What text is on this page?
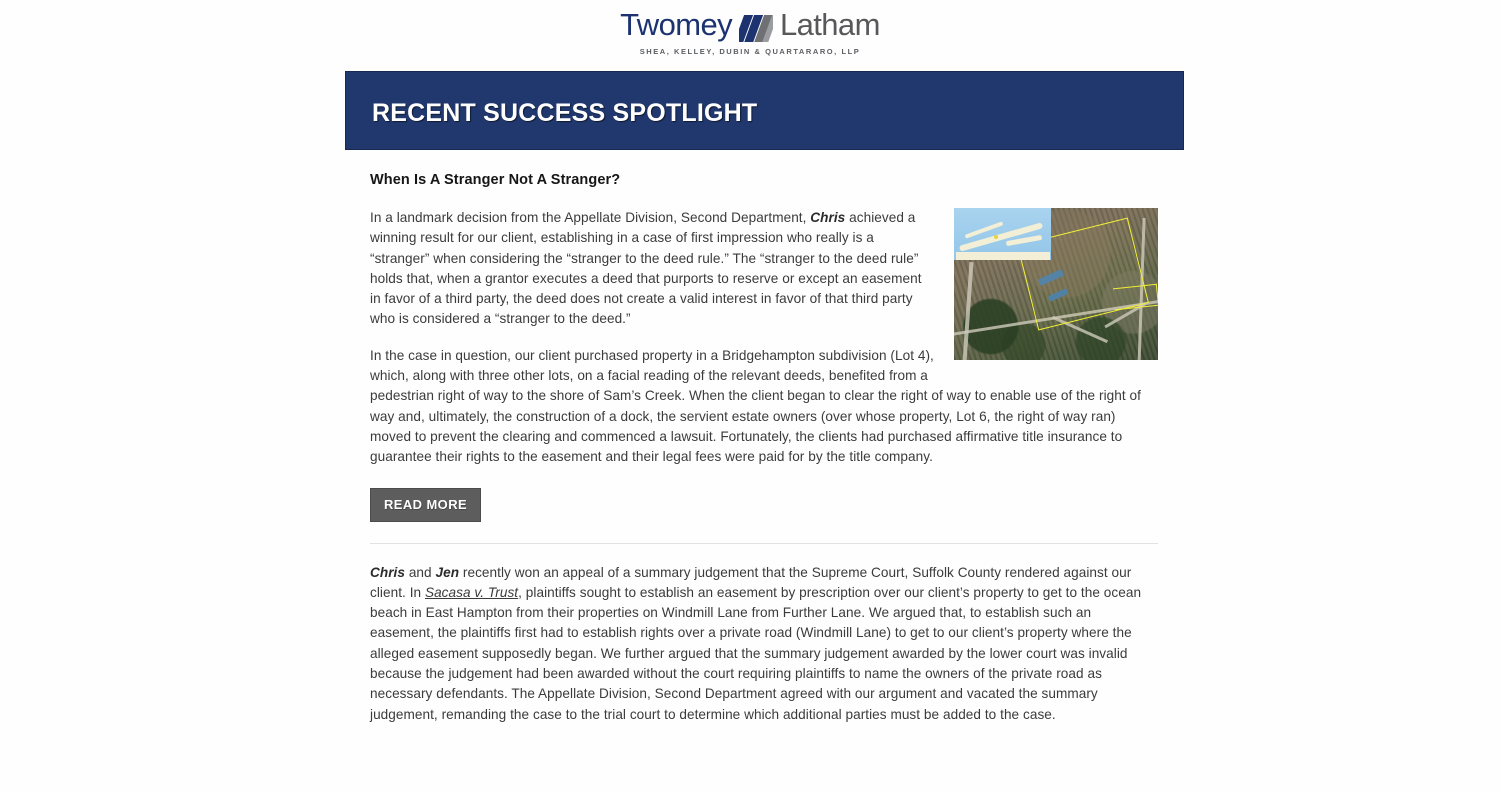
Twomey Latham
SHEA, KELLEY, DUBIN & QUARTARARO, LLP
RECENT SUCCESS SPOTLIGHT
When Is A Stranger Not A Stranger?

In a landmark decision from the Appellate Division, Second Department, Chris achieved a winning result for our client, establishing in a case of first impression who really is a “stranger” when considering the “stranger to the deed rule.” The “stranger to the deed rule” holds that, when a grantor executes a deed that purports to reserve or except an easement in favor of a third party, the deed does not create a valid interest in favor of that third party who is considered a “stranger to the deed.”

In the case in question, our client purchased property in a Bridgehampton subdivision (Lot 4), which, along with three other lots, on a facial reading of the relevant deeds, benefited from a pedestrian right of way to the shore of Sam’s Creek. When the client began to clear the right of way to enable use of the right of way and, ultimately, the construction of a dock, the servient estate owners (over whose property, Lot 6, the right of way ran) moved to prevent the clearing and commenced a lawsuit. Fortunately, the clients had purchased affirmative title insurance to guarantee their rights to the easement and their legal fees were paid for by the title company.

READ MORE

Chris and Jen recently won an appeal of a summary judgement that the Supreme Court, Suffolk County rendered against our client. In Sacasa v. Trust, plaintiffs sought to establish an easement by prescription over our client’s property to get to the ocean beach in East Hampton from their properties on Windmill Lane from Further Lane. We argued that, to establish such an easement, the plaintiffs first had to establish rights over a private road (Windmill Lane) to get to our client’s property where the alleged easement supposedly began. We further argued that the summary judgement awarded by the lower court was invalid because the judgement had been awarded without the court requiring plaintiffs to name the owners of the private road as necessary defendants. The Appellate Division, Second Department agreed with our argument and vacated the summary judgement, remanding the case to the trial court to determine which additional parties must be added to the case.
